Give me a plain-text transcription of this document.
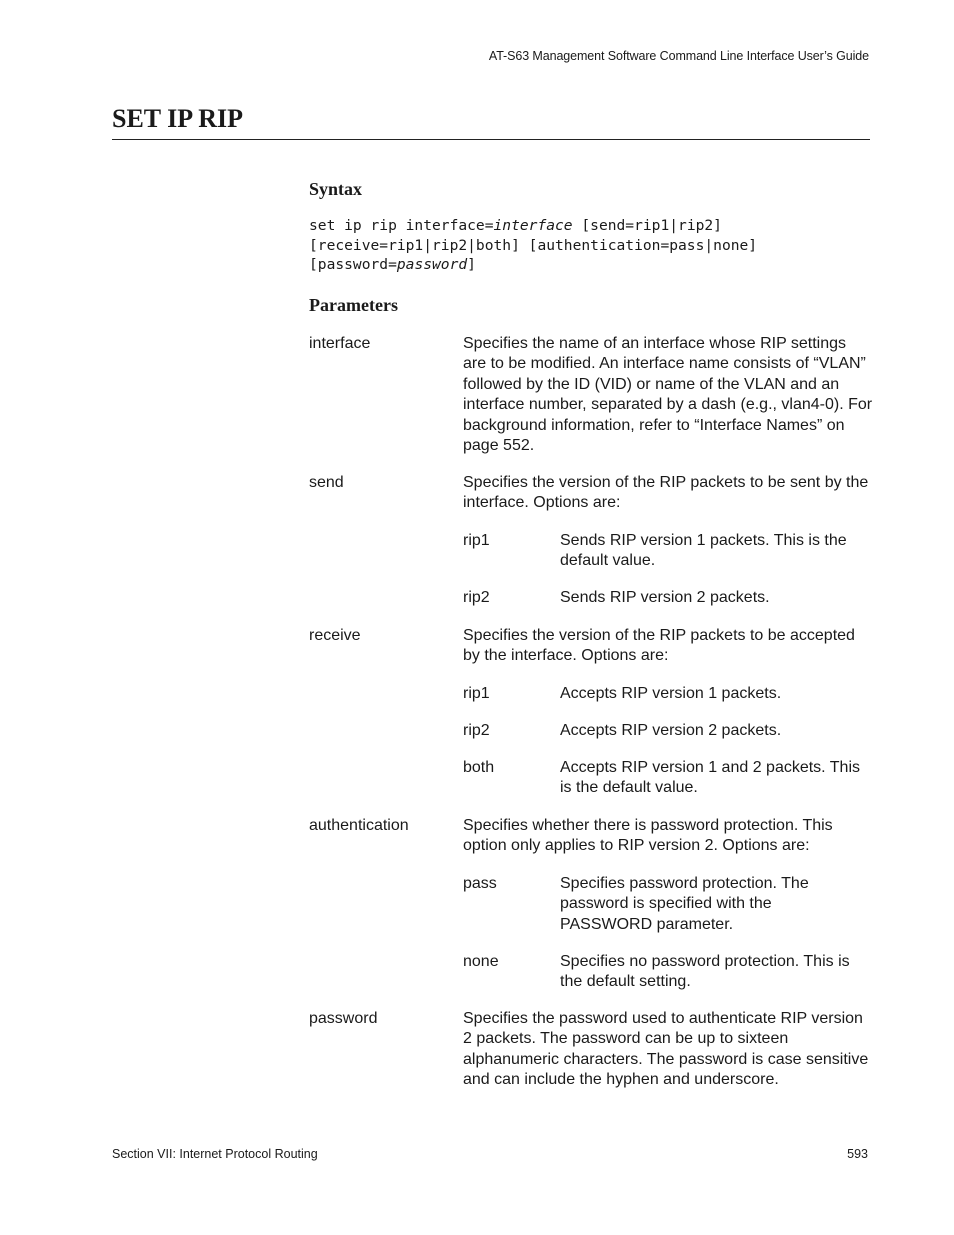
AT-S63 Management Software Command Line Interface User’s Guide
SET IP RIP
Syntax
set ip rip interface=interface [send=rip1|rip2]
[receive=rip1|rip2|both] [authentication=pass|none]
[password=password]
Parameters
interface	Specifies the name of an interface whose RIP settings are to be modified. An interface name consists of “VLAN” followed by the ID (VID) or name of the VLAN and an interface number, separated by a dash (e.g., vlan4-0). For background information, refer to “Interface Names” on page 552.
send	Specifies the version of the RIP packets to be sent by the interface. Options are:
rip1	Sends RIP version 1 packets. This is the default value.
rip2	Sends RIP version 2 packets.
receive	Specifies the version of the RIP packets to be accepted by the interface. Options are:
rip1	Accepts RIP version 1 packets.
rip2	Accepts RIP version 2 packets.
both	Accepts RIP version 1 and 2 packets. This is the default value.
authentication	Specifies whether there is password protection. This option only applies to RIP version 2. Options are:
pass	Specifies password protection. The password is specified with the PASSWORD parameter.
none	Specifies no password protection. This is the default setting.
password	Specifies the password used to authenticate RIP version 2 packets. The password can be up to sixteen alphanumeric characters. The password is case sensitive and can include the hyphen and underscore.
Section VII: Internet Protocol Routing	593
